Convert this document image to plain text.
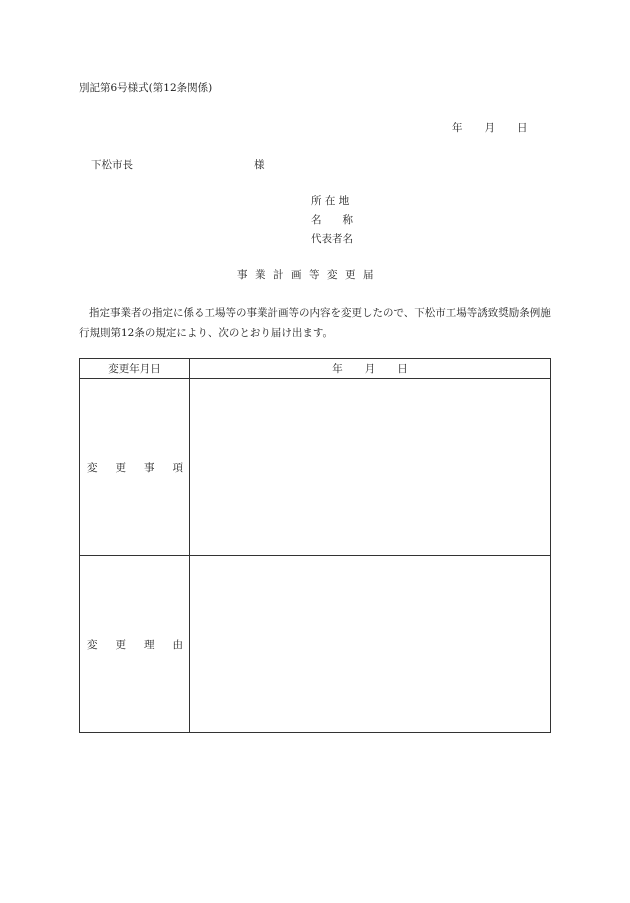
別記第6号様式(第12条関係)
年 月 日
下松市長	様
所 在 地
名 称
代表者名
事業計画等変更届
指定事業者の指定に係る工場等の事業計画等の内容を変更したので、下松市工場等誘致奨励条例施行規則第12条の規定により、次のとおり届け出ます。
変更年月日	年 月 日

変 更 事 項	

変 更 理 由	
